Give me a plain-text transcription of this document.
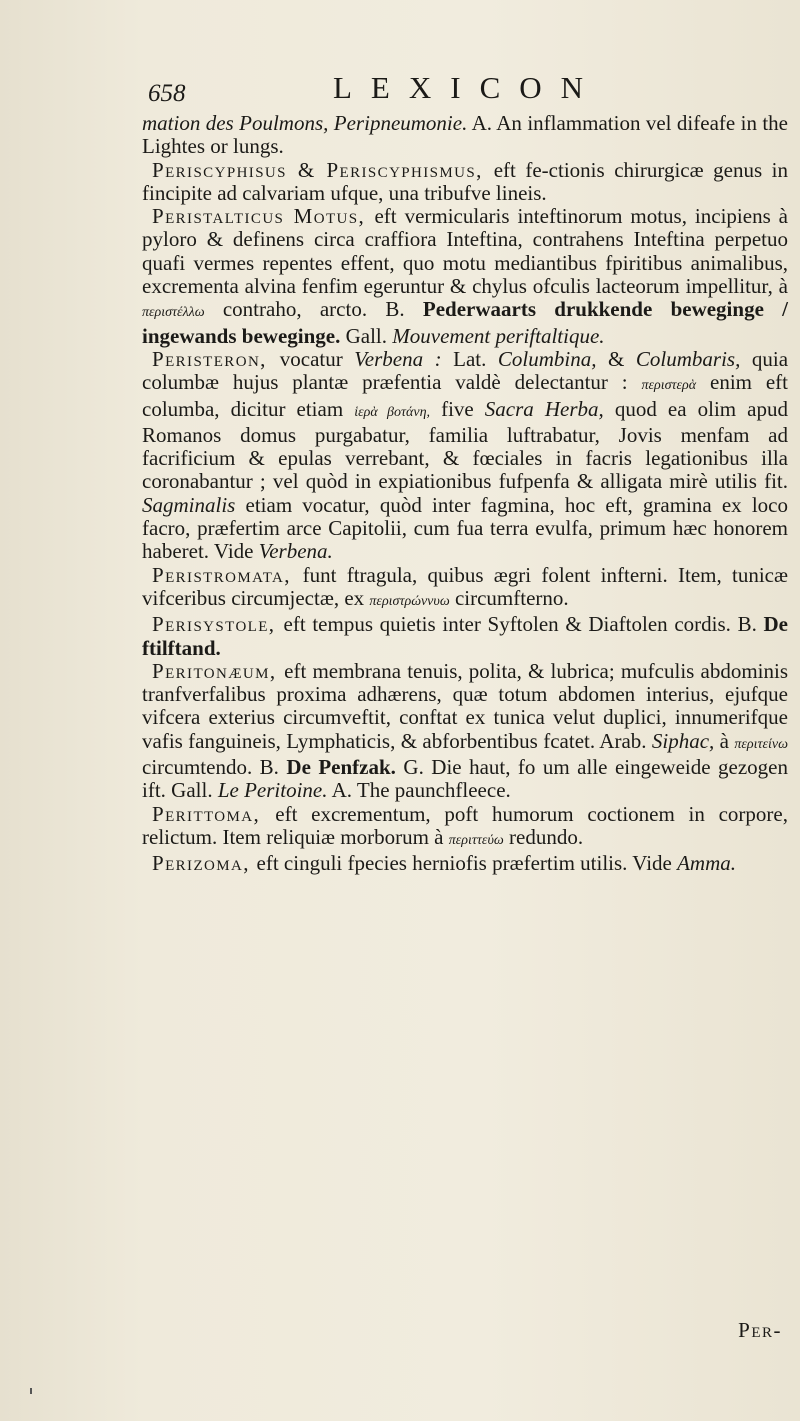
658	LEXICON

mation des Poulmons, Peripneumonie. A. An inflammation vel difeafe in the Lightes or lungs.

Periscyphisus & Periscyphismus, eft fe-ctionis chirurgicæ genus in fincipite ad calvariam ufque, una tribufve lineis.

Peristalticus Motus, eft vermicularis inteftinorum motus, incipiens à pyloro & definens circa craffiora Inteftina, contrahens Inteftina perpetuo quafi vermes repentes effent, quo motu mediantibus fpiritibus animalibus, excrementa alvina fenfim egeruntur & chylus ofculis lacteorum impellitur, à περιστέλλω contraho, arcto. B. Pederwaarts drukkende beweginge / ingewands beweginge. Gall. Mouvement periftaltique.

Peristeron, vocatur Verbena : Lat. Columbina, & Columbaris, quia columbæ hujus plantæ præfentia valdè delectantur : περιστερὰ enim eft columba, dicitur etiam ἱερὰ βοτάνη, five Sacra Herba, quod ea olim apud Romanos domus purgabatur, familia luftrabatur, Jovis menfam ad facrificium & epulas verrebant, & fœciales in facris legationibus illa coronabantur ; vel quòd in expiationibus fufpenfa & alligata mirè utilis fit. Sagminalis etiam vocatur, quòd inter fagmina, hoc eft, gramina ex loco facro, præfertim arce Capitolii, cum fua terra evulfa, primum hæc honorem haberet. Vide Verbena.

Peristromata, funt ftragula, quibus ægri folent infterni. Item, tunicæ vifceribus circumjectæ, ex περιστρώννυω circumfterno.

Perisystole, eft tempus quietis inter Syftolen & Diaftolen cordis. B. De ftilftand.

Peritonæum, eft membrana tenuis, polita, & lubrica; mufculis abdominis tranfverfalibus proxima adhærens, quæ totum abdomen interius, ejufque vifcera exterius circumveftit, conftat ex tunica velut duplici, innumerifque vafis fanguineis, Lymphaticis, & abforbentibus fcatet. Arab. Siphac, à περιτείνω circumtendo. B. De Penfzak. G. Die haut, fo um alle eingeweide gezogen ift. Gall. Le Peritoine. A. The paunchfleece.

Perittoma, eft excrementum, poft humorum coctionem in corpore, relictum. Item reliquiæ morborum à περιττεύω redundo.

Perizoma, eft cinguli fpecies herniofis præfertim utilis. Vide Amma.

Per-
